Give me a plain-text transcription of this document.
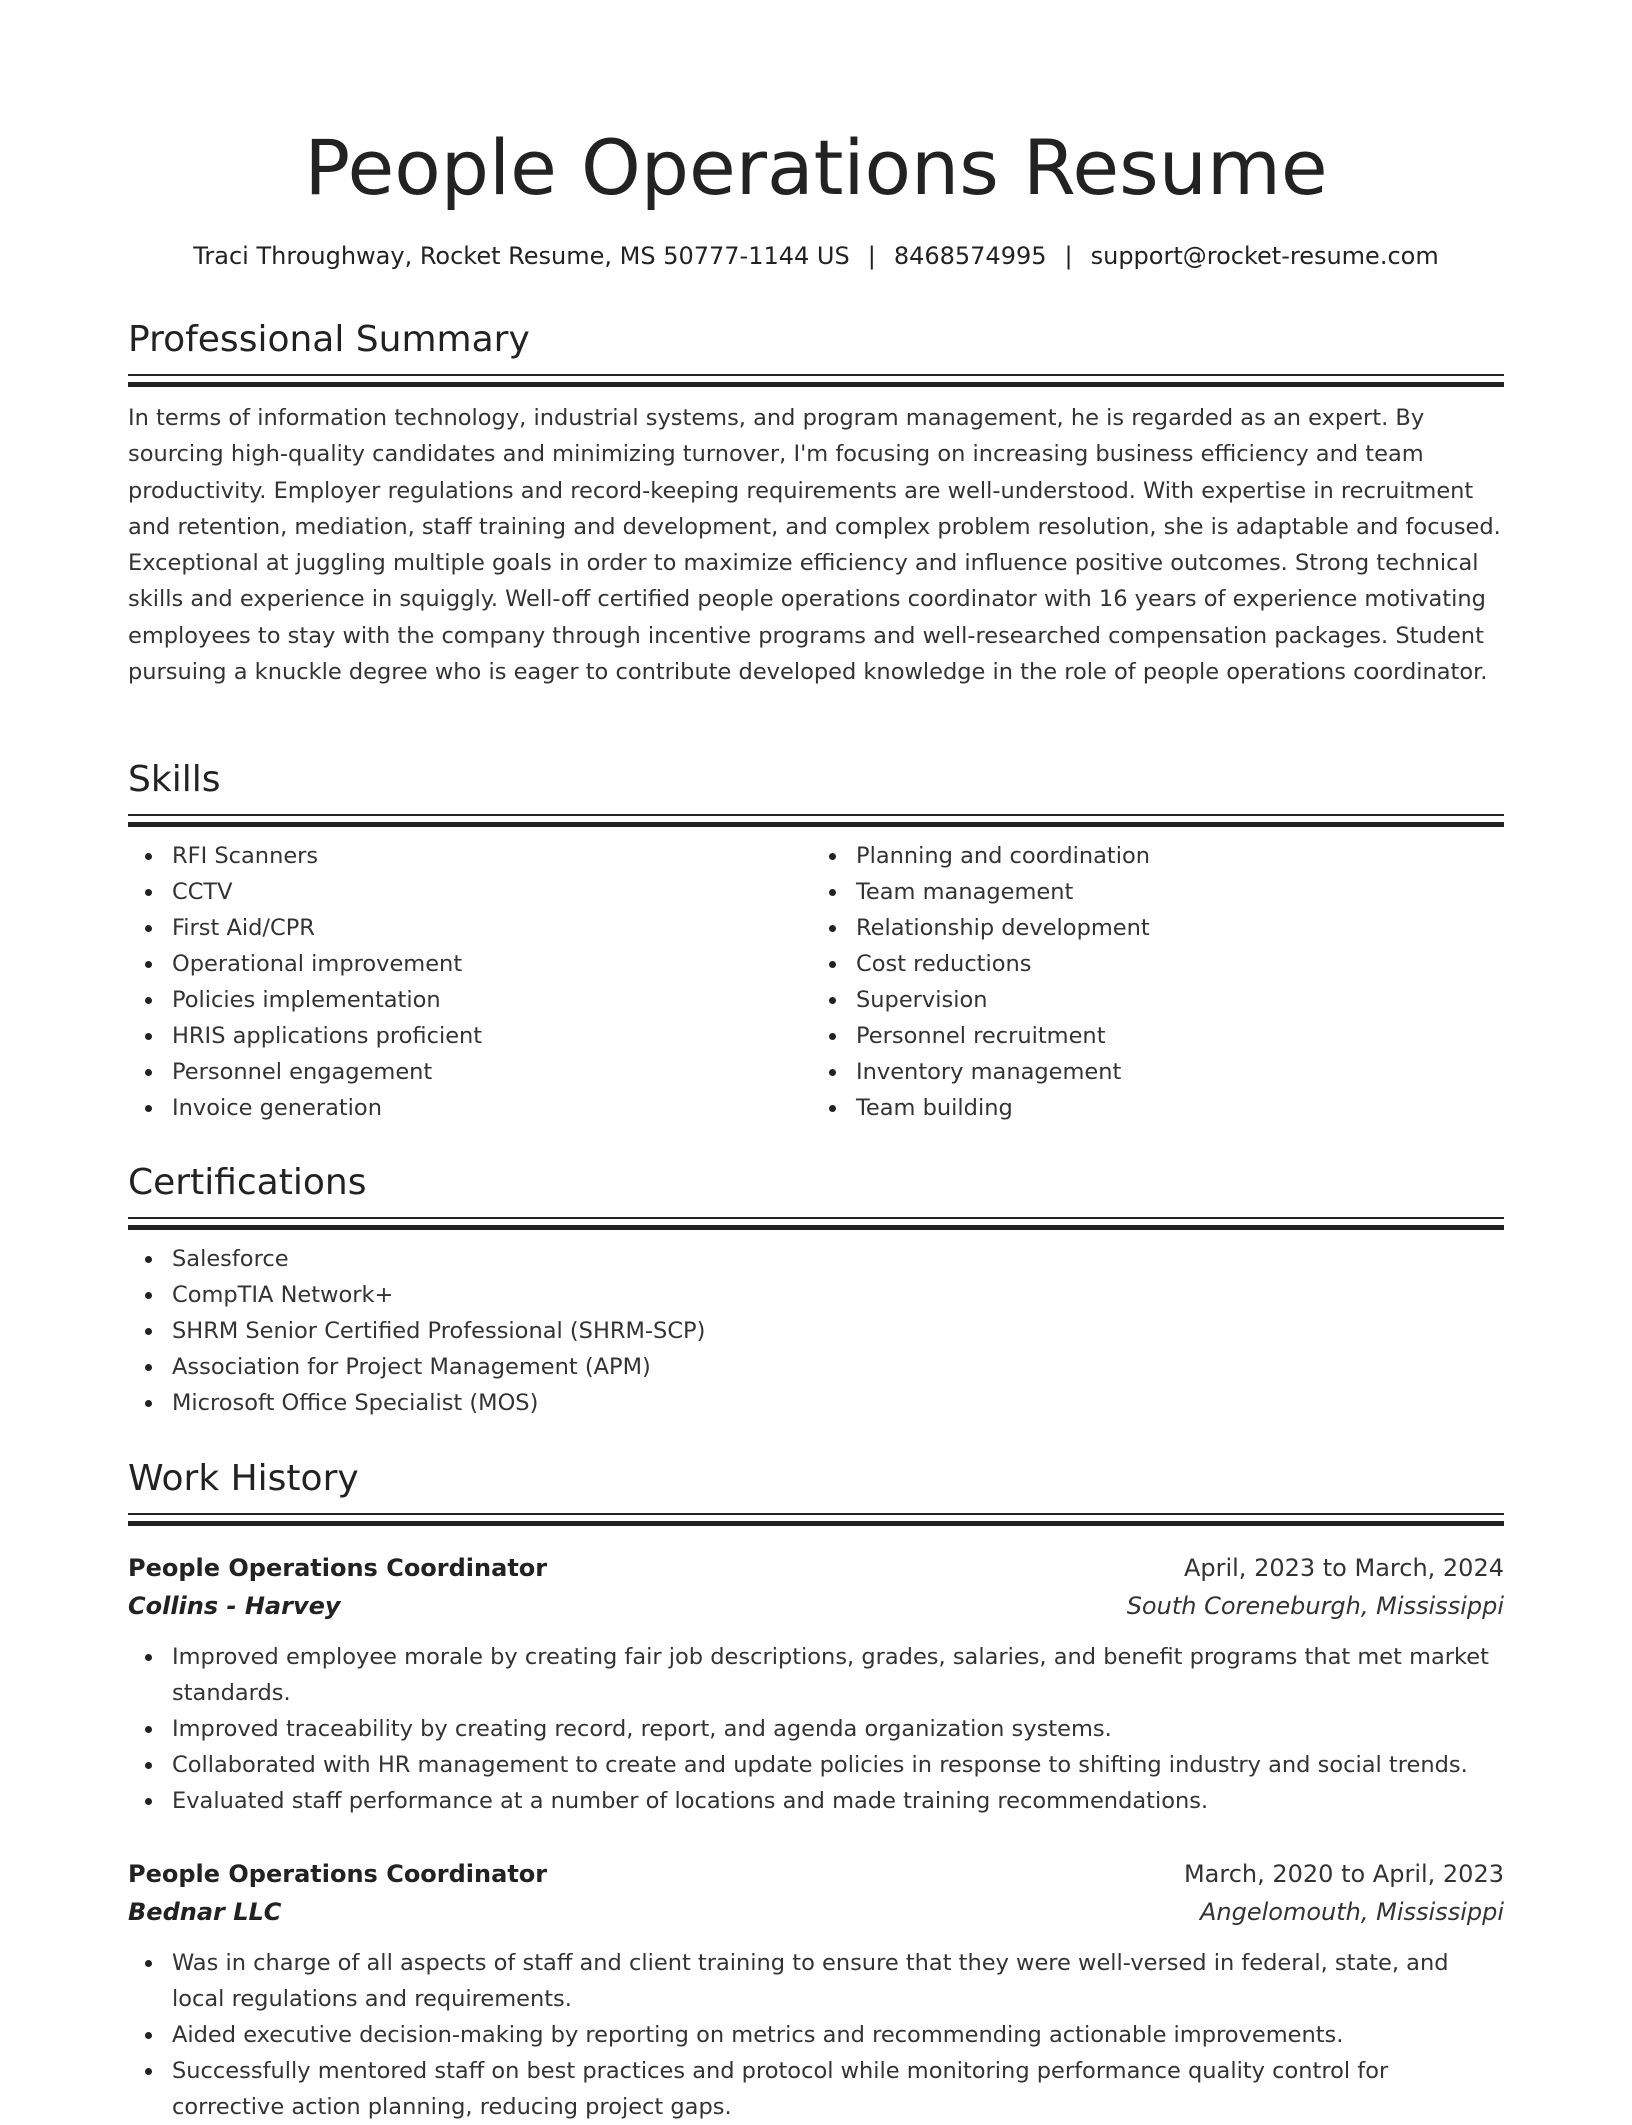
People Operations Resume
Traci Throughway, Rocket Resume, MS 50777-1144 US | 8468574995 | support@rocket-resume.com
Professional Summary

In terms of information technology, industrial systems, and program management, he is regarded as an expert. By sourcing high-quality candidates and minimizing turnover, I'm focusing on increasing business efficiency and team productivity. Employer regulations and record-keeping requirements are well-understood. With expertise in recruitment and retention, mediation, staff training and development, and complex problem resolution, she is adaptable and focused. Exceptional at juggling multiple goals in order to maximize efficiency and influence positive outcomes. Strong technical skills and experience in squiggly. Well-off certified people operations coordinator with 16 years of experience motivating employees to stay with the company through incentive programs and well-researched compensation packages. Student pursuing a knuckle degree who is eager to contribute developed knowledge in the role of people operations coordinator.

Skills
RFI Scanners
CCTV
First Aid/CPR
Operational improvement
Policies implementation
HRIS applications proficient
Personnel engagement
Invoice generation
Planning and coordination
Team management
Relationship development
Cost reductions
Supervision
Personnel recruitment
Inventory management
Team building
Certifications
Salesforce
CompTIA Network+
SHRM Senior Certified Professional (SHRM-SCP)
Association for Project Management (APM)
Microsoft Office Specialist (MOS)
Work History
People Operations Coordinator	April, 2023 to March, 2024
Collins - Harvey	South Coreneburgh, Mississippi
Improved employee morale by creating fair job descriptions, grades, salaries, and benefit programs that met market standards.
Improved traceability by creating record, report, and agenda organization systems.
Collaborated with HR management to create and update policies in response to shifting industry and social trends.
Evaluated staff performance at a number of locations and made training recommendations.
People Operations Coordinator	March, 2020 to April, 2023
Bednar LLC	Angelomouth, Mississippi
Was in charge of all aspects of staff and client training to ensure that they were well-versed in federal, state, and local regulations and requirements.
Aided executive decision-making by reporting on metrics and recommending actionable improvements.
Successfully mentored staff on best practices and protocol while monitoring performance quality control for corrective action planning, reducing project gaps.
